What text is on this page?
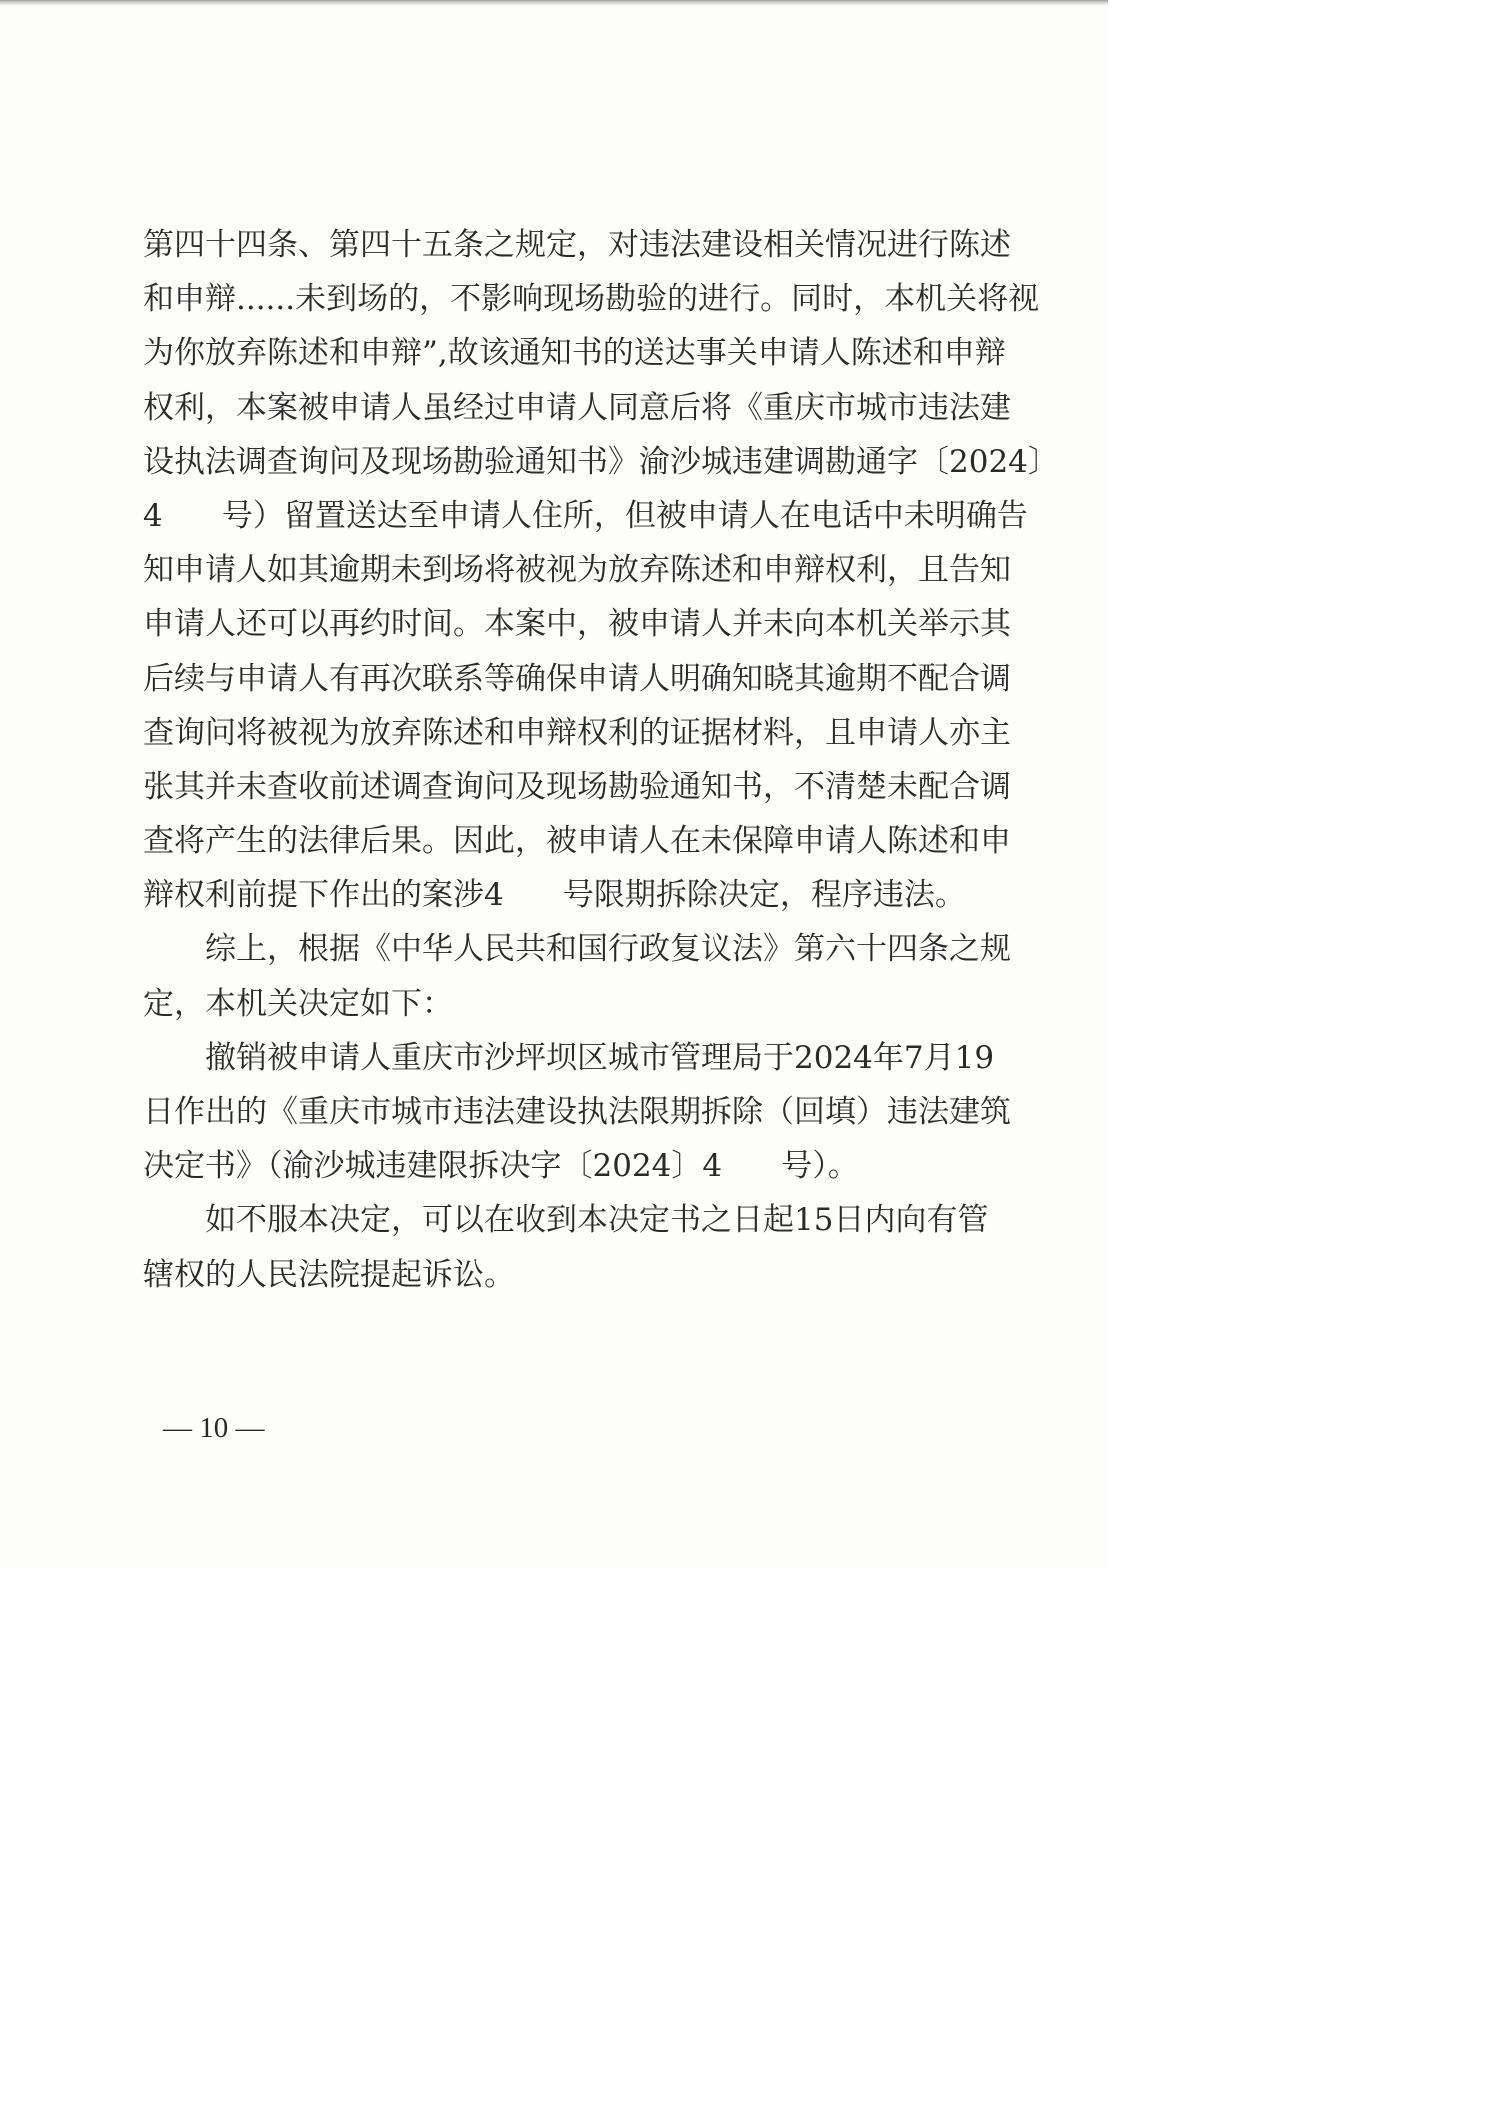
第四十四条、第四十五条之规定，对违法建设相关情况进行陈述
和申辩......未到场的，不影响现场勘验的进行。同时，本机关将视
为你放弃陈述和申辩”,故该通知书的送达事关申请人陈述和申辩
权利，本案被申请人虽经过申请人同意后将《重庆市城市违法建
设执法调查询问及现场勘验通知书》渝沙城违建调勘通字〔2024〕
4      号）留置送达至申请人住所，但被申请人在电话中未明确告
知申请人如其逾期未到场将被视为放弃陈述和申辩权利，且告知
申请人还可以再约时间。本案中，被申请人并未向本机关举示其
后续与申请人有再次联系等确保申请人明确知晓其逾期不配合调
查询问将被视为放弃陈述和申辩权利的证据材料，且申请人亦主
张其并未查收前述调查询问及现场勘验通知书，不清楚未配合调
查将产生的法律后果。因此，被申请人在未保障申请人陈述和申
辩权利前提下作出的案涉4      号限期拆除决定，程序违法。
综上，根据《中华人民共和国行政复议法》第六十四条之规
定，本机关决定如下：
撤销被申请人重庆市沙坪坝区城市管理局于2024年7月19
日作出的《重庆市城市违法建设执法限期拆除（回填）违法建筑
决定书》（渝沙城违建限拆决字〔2024〕4      号）。
如不服本决定，可以在收到本决定书之日起15日内向有管
辖权的人民法院提起诉讼。
— 10 —
